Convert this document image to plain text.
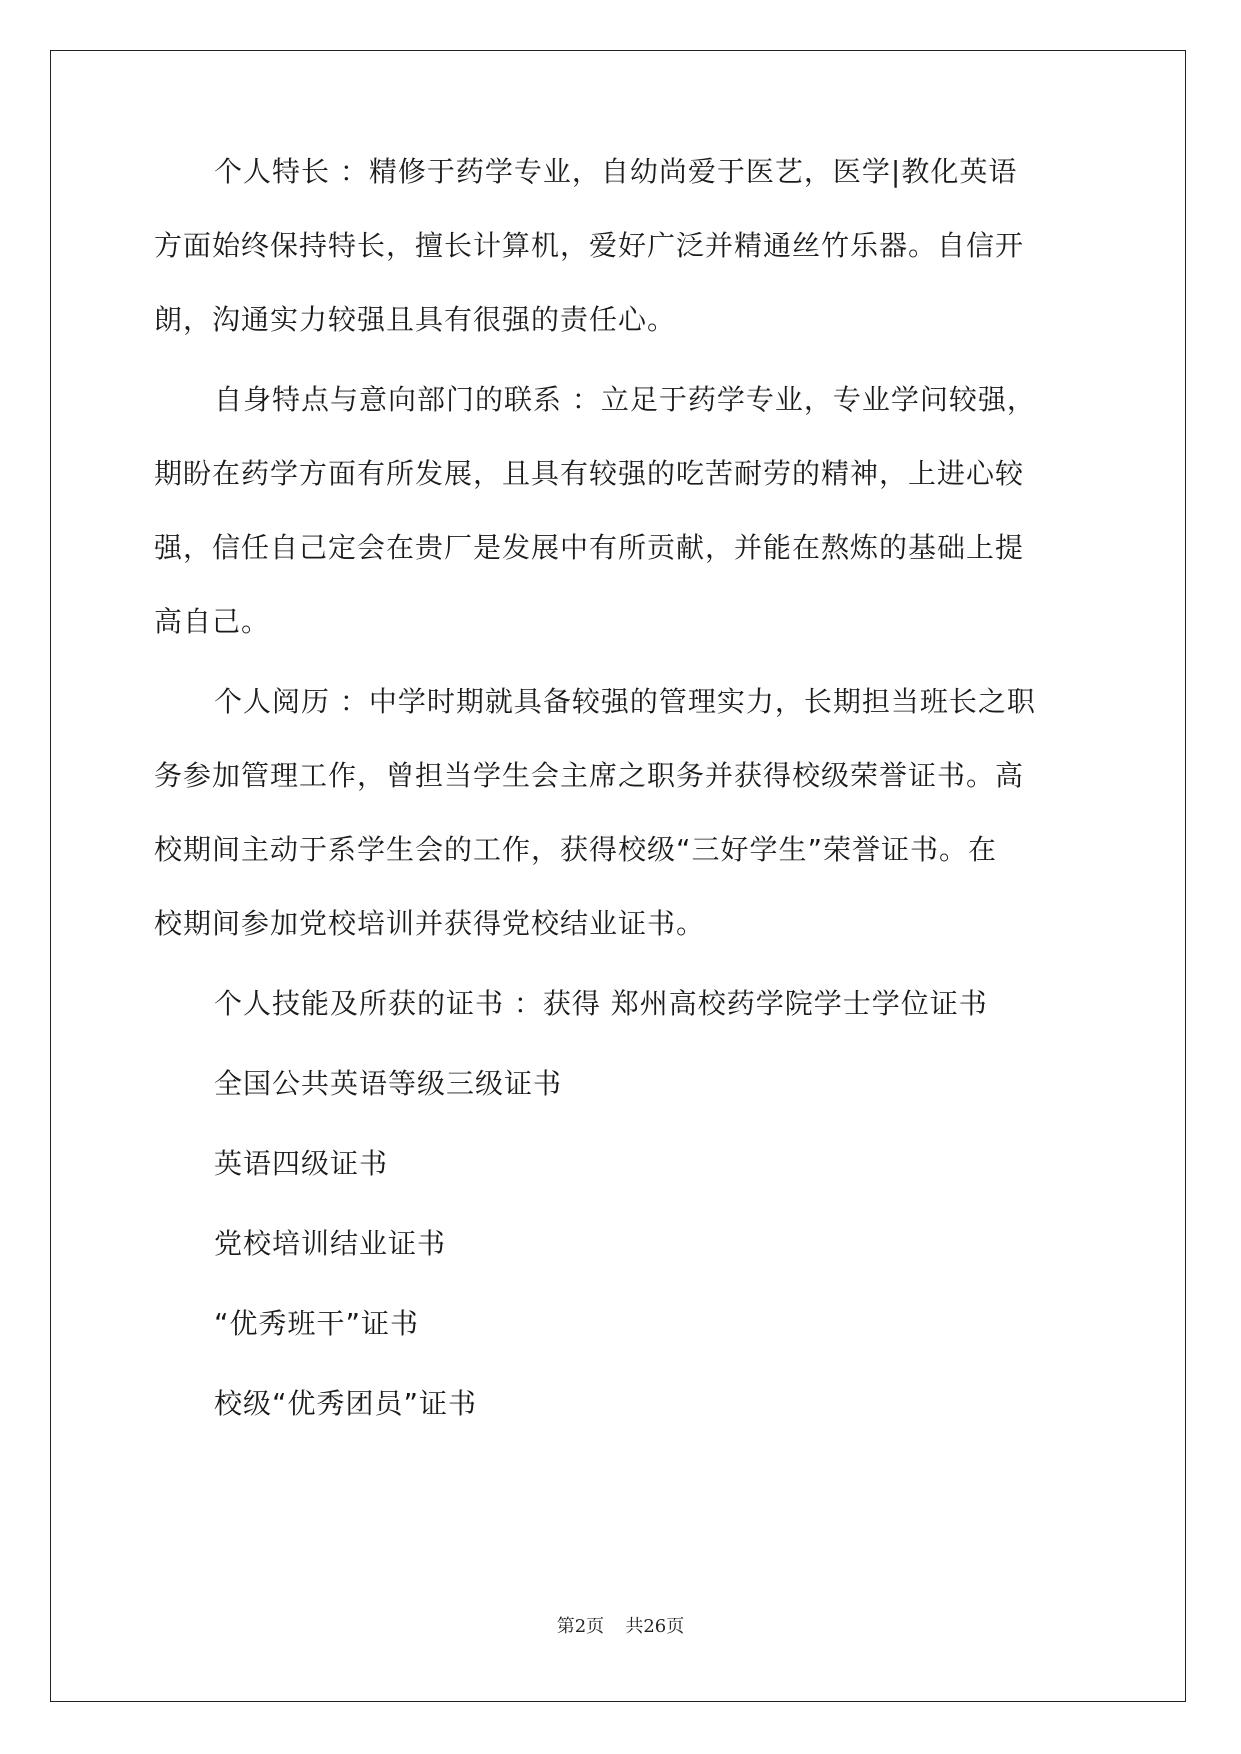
个人特长 ：精修于药学专业，自幼尚爱于医艺，医学|教化英语
方面始终保持特长，擅长计算机，爱好广泛并精通丝竹乐器。自信开
朗，沟通实力较强且具有很强的责任心。
自身特点与意向部门的联系 ：立足于药学专业，专业学问较强，
期盼在药学方面有所发展，且具有较强的吃苦耐劳的精神，上进心较
强，信任自己定会在贵厂是发展中有所贡献，并能在熬炼的基础上提
高自己。
个人阅历 ：中学时期就具备较强的管理实力，长期担当班长之职
务参加管理工作，曾担当学生会主席之职务并获得校级荣誉证书。高
校期间主动于系学生会的工作，获得校级“三好学生”荣誉证书。在
校期间参加党校培训并获得党校结业证书。
个人技能及所获的证书 ：获得 郑州高校药学院学士学位证书
全国公共英语等级三级证书
英语四级证书
党校培训结业证书
“优秀班干”证书
校级“优秀团员”证书
第2页 共26页
